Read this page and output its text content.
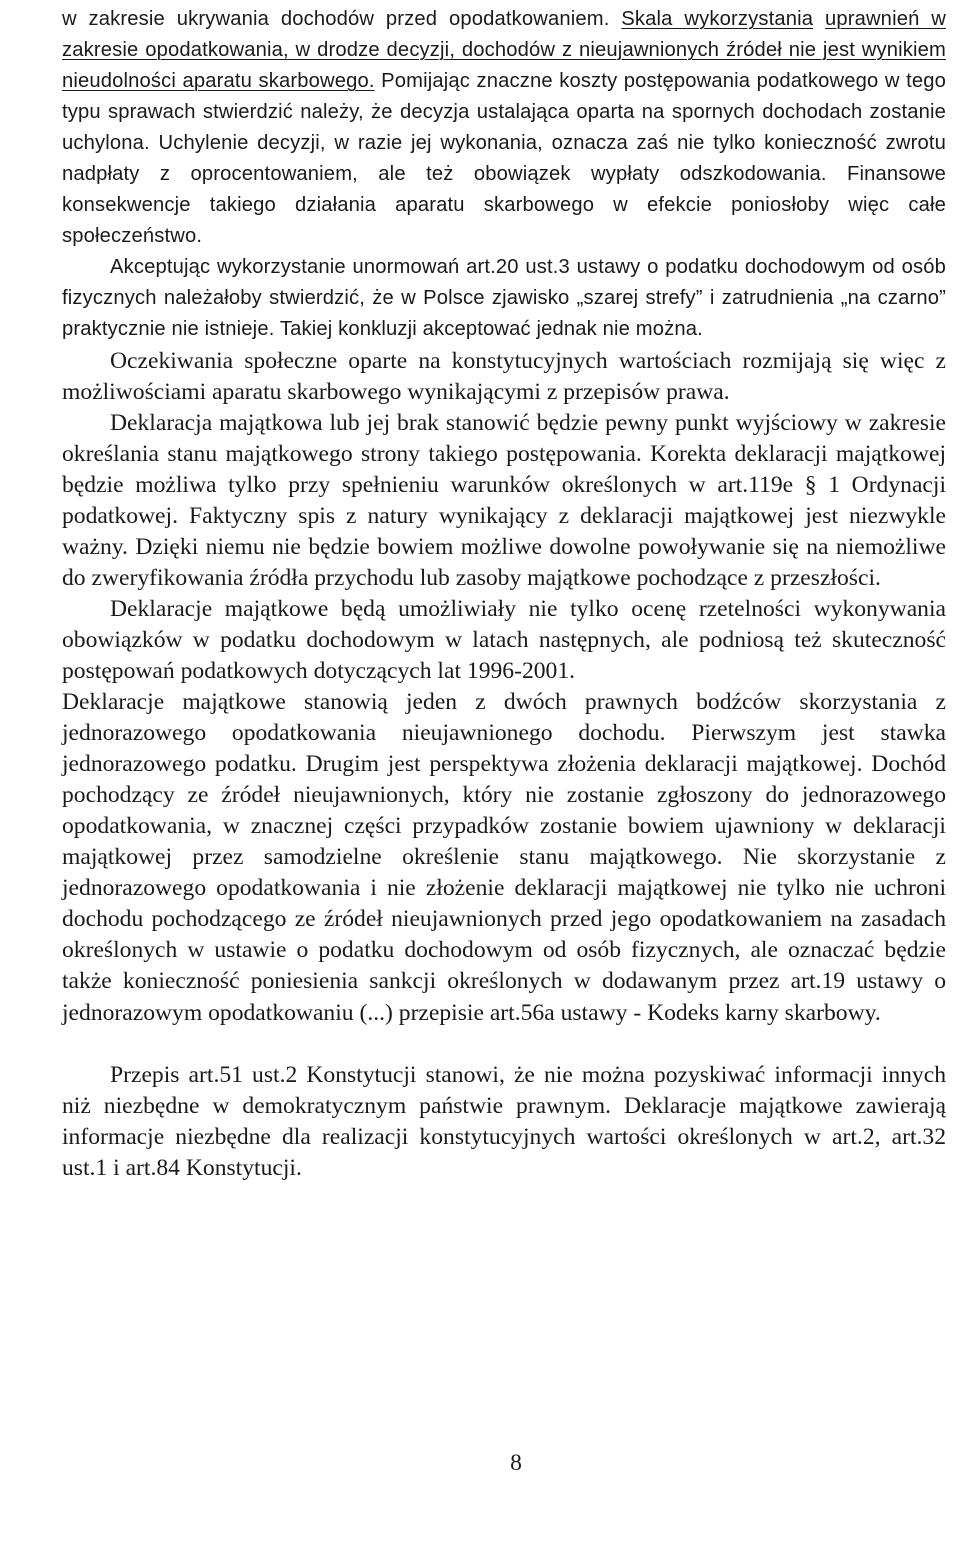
w zakresie ukrywania dochodów przed opodatkowaniem. Skala wykorzystania uprawnień w zakresie opodatkowania, w drodze decyzji, dochodów z nieujawnionych źródeł nie jest wynikiem nieudolności aparatu skarbowego. Pomijając znaczne koszty postępowania podatkowego w tego typu sprawach stwierdzić należy, że decyzja ustalająca oparta na spornych dochodach zostanie uchylona. Uchylenie decyzji, w razie jej wykonania, oznacza zaś nie tylko konieczność zwrotu nadpłaty z oprocentowaniem, ale też obowiązek wypłaty odszkodowania. Finansowe konsekwencje takiego działania aparatu skarbowego w efekcie poniosłoby więc całe społeczeństwo.

Akceptując wykorzystanie unormowań art.20 ust.3 ustawy o podatku dochodowym od osób fizycznych należałoby stwierdzić, że w Polsce zjawisko „szarej strefy” i zatrudnienia „na czarno” praktycznie nie istnieje. Takiej konkluzji akceptować jednak nie można.

Oczekiwania społeczne oparte na konstytucyjnych wartościach rozmijają się więc z możliwościami aparatu skarbowego wynikającymi z przepisów prawa.

Deklaracja majątkowa lub jej brak stanowić będzie pewny punkt wyjściowy w zakresie określania stanu majątkowego strony takiego postępowania. Korekta deklaracji majątkowej będzie możliwa tylko przy spełnieniu warunków określonych w art.119e § 1 Ordynacji podatkowej. Faktyczny spis z natury wynikający z deklaracji majątkowej jest niezwykle ważny. Dzięki niemu nie będzie bowiem możliwe dowolne powoływanie się na niemożliwe do zweryfikowania źródła przychodu lub zasoby majątkowe pochodzące z przeszłości.

Deklaracje majątkowe będą umożliwiały nie tylko ocenę rzetelności wykonywania obowiązków w podatku dochodowym w latach następnych, ale podniosą też skuteczność postępowań podatkowych dotyczących lat 1996-2001.

Deklaracje majątkowe stanowią jeden z dwóch prawnych bodźców skorzystania z jednorazowego opodatkowania nieujawnionego dochodu. Pierwszym jest stawka jednorazowego podatku. Drugim jest perspektywa złożenia deklaracji majątkowej. Dochód pochodzący ze źródeł nieujawnionych, który nie zostanie zgłoszony do jednorazowego opodatkowania, w znacznej części przypadków zostanie bowiem ujawniony w deklaracji majątkowej przez samodzielne określenie stanu majątkowego. Nie skorzystanie z jednorazowego opodatkowania i nie złożenie deklaracji majątkowej nie tylko nie uchroni dochodu pochodzącego ze źródeł nieujawnionych przed jego opodatkowaniem na zasadach określonych w ustawie o podatku dochodowym od osób fizycznych, ale oznaczać będzie także konieczność poniesienia sankcji określonych w dodawanym przez art.19 ustawy o jednorazowym opodatkowaniu (...) przepisie art.56a ustawy - Kodeks karny skarbowy.

Przepis art.51 ust.2 Konstytucji stanowi, że nie można pozyskiwać informacji innych niż niezbędne w demokratycznym państwie prawnym. Deklaracje majątkowe zawierają informacje niezbędne dla realizacji konstytucyjnych wartości określonych w art.2, art.32 ust.1 i art.84 Konstytucji.

8
